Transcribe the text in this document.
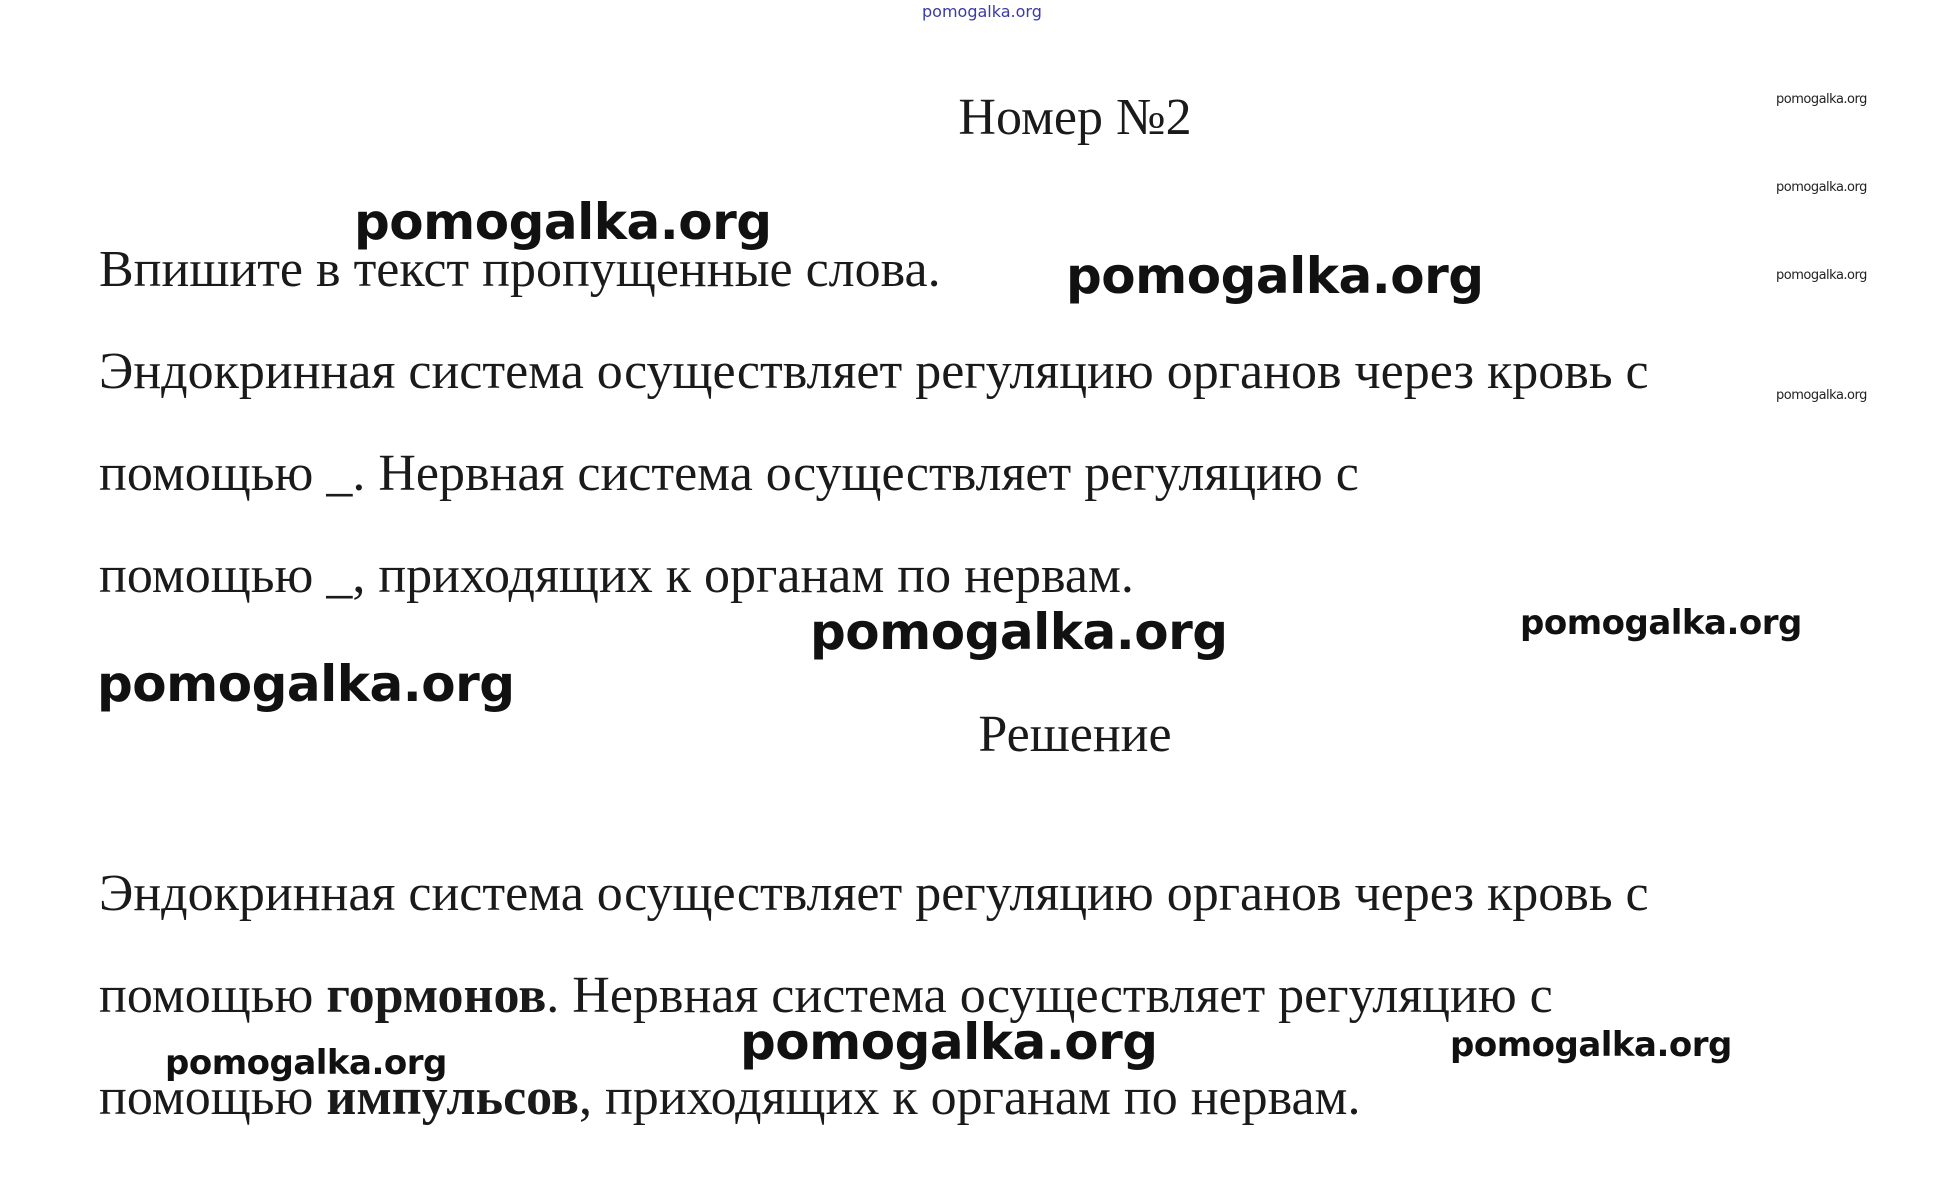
pomogalka.org
Номер №2

Впишите в текст пропущенные слова.

Эндокринная система осуществляет регуляцию органов через кровь с

помощью _. Нервная система осуществляет регуляцию с

помощью _, приходящих к органам по нервам.

Решение

Эндокринная система осуществляет регуляцию органов через кровь с

помощью гормонов. Нервная система осуществляет регуляцию с

помощью импульсов, приходящих к органам по нервам.

pomogalka.org
pomogalka.org
pomogalka.org	pomogalka.org
pomogalka.org
pomogalka.org
pomogalka.org	pomogalka.org
pomogalka.org
pomogalka.org
pomogalka.org
pomogalka.org
